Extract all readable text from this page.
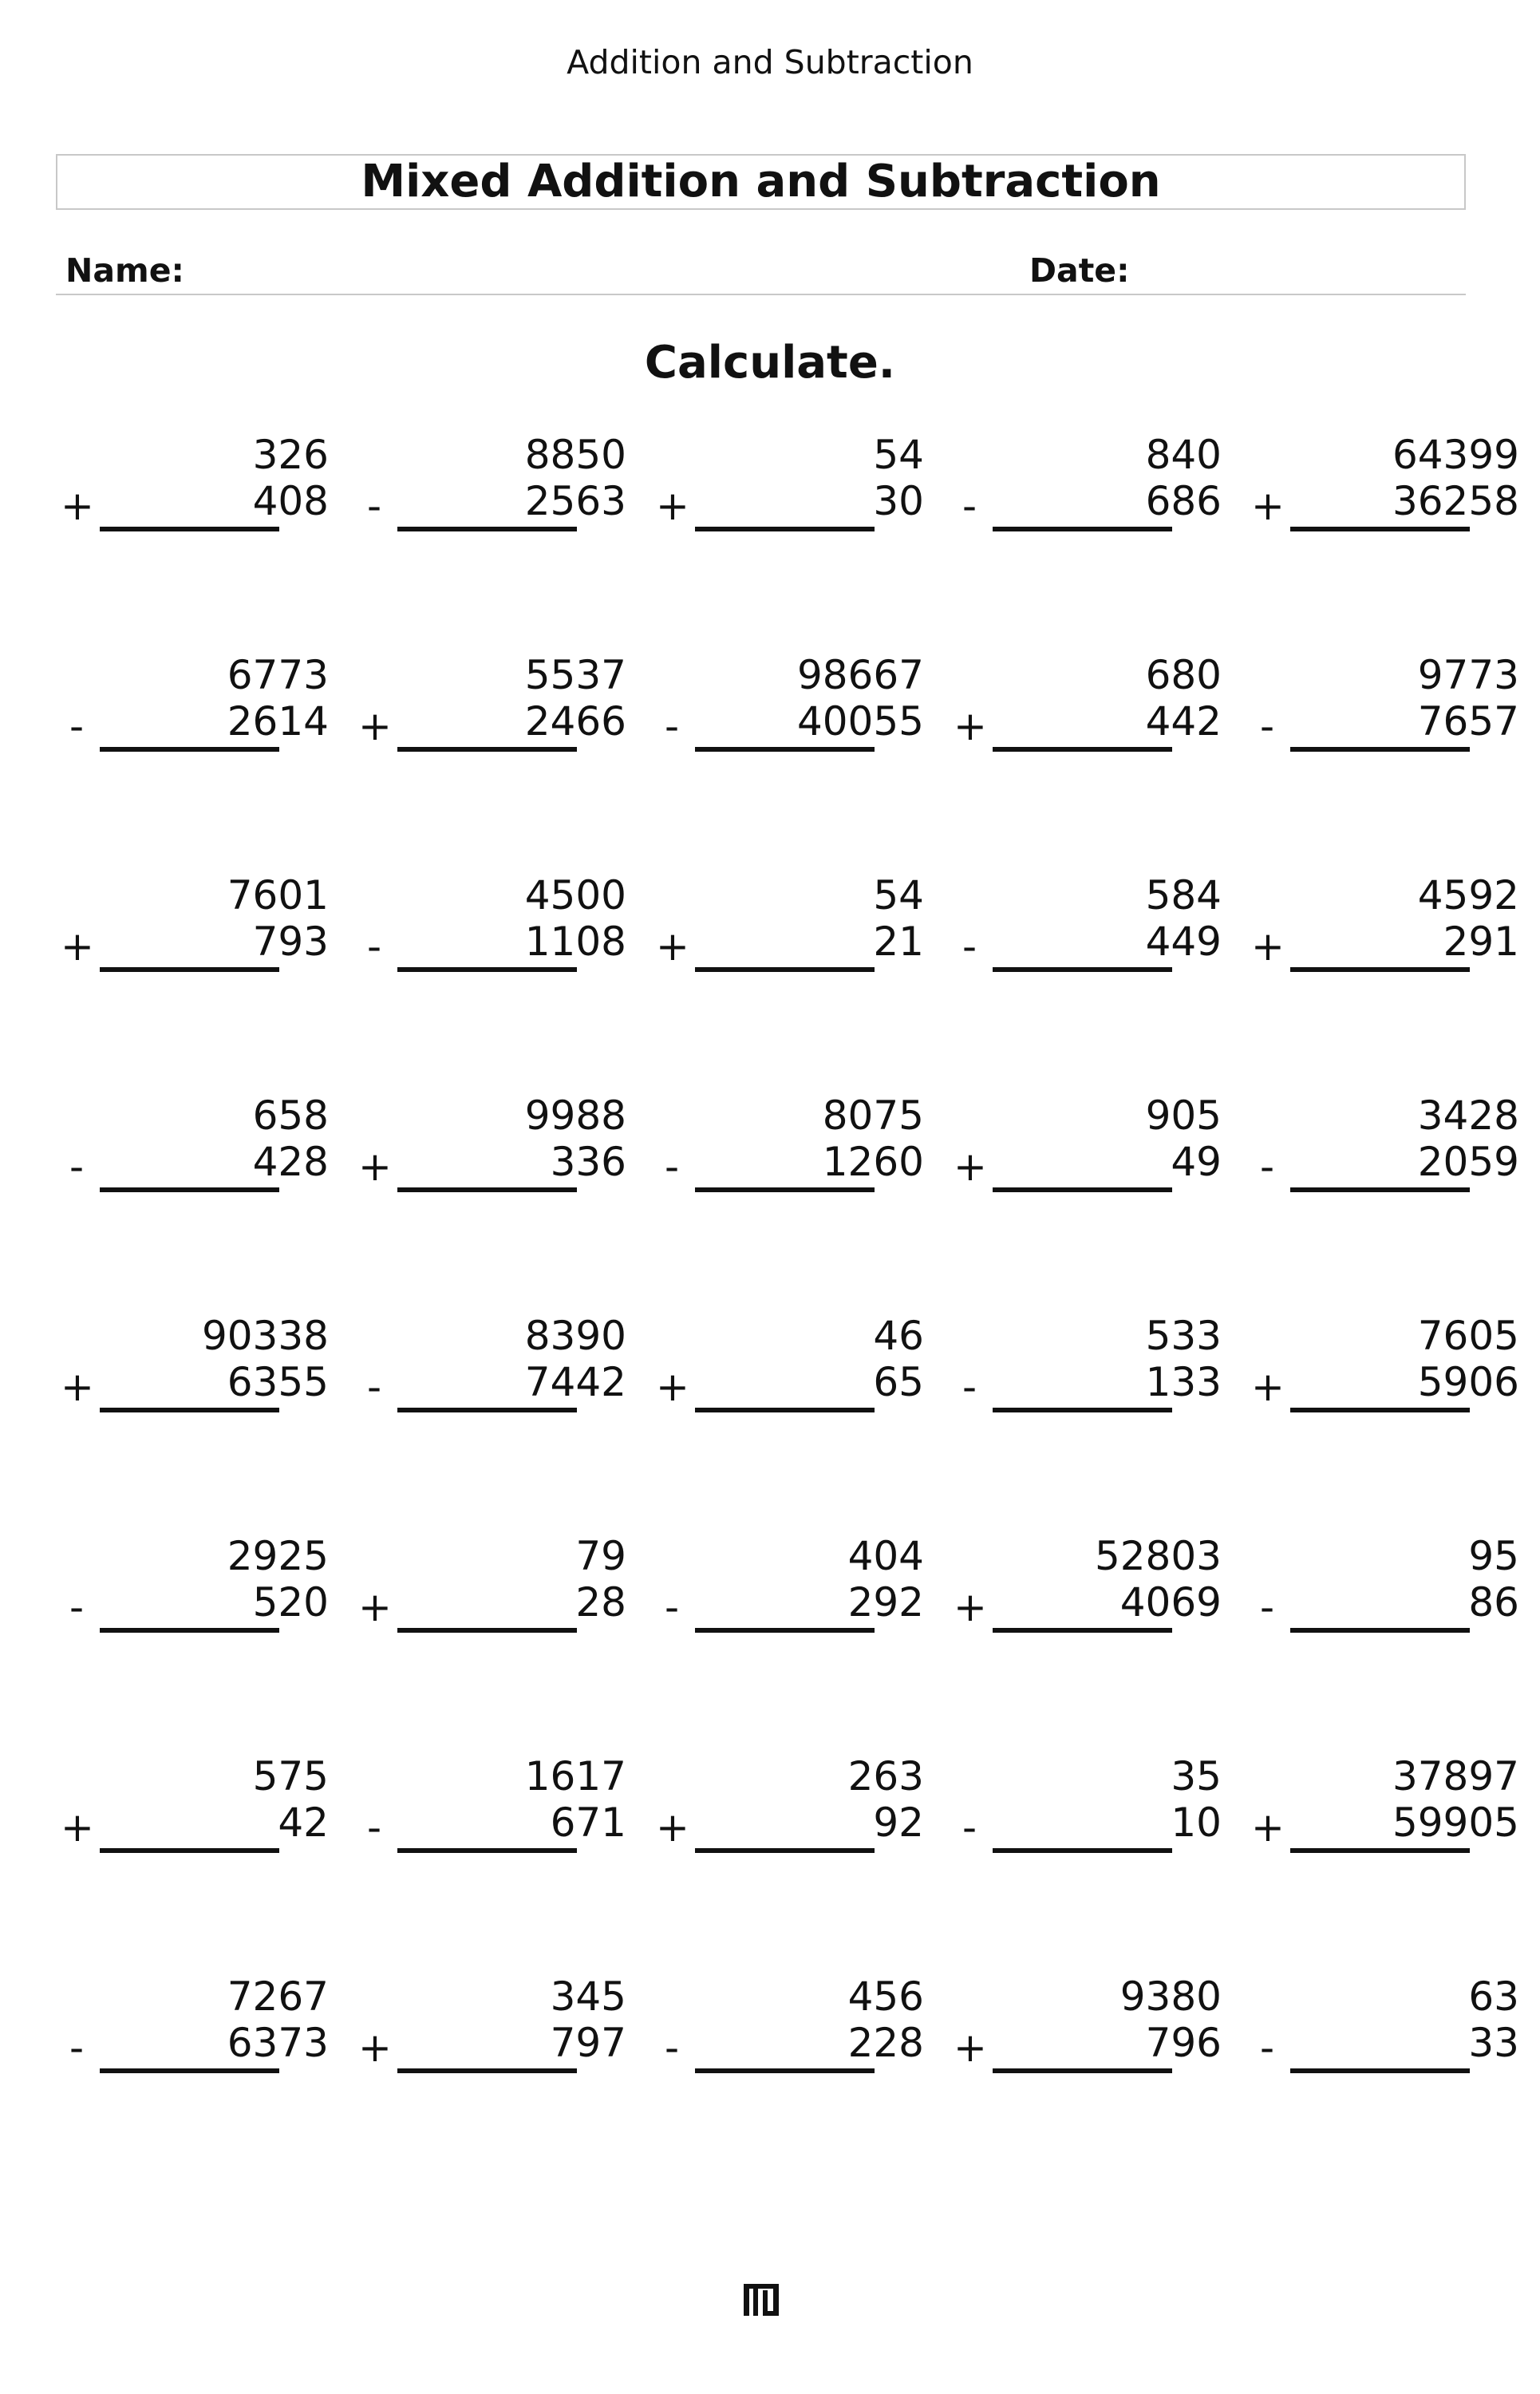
Addition and Subtraction
Mixed Addition and Subtraction
Name:	Date:
Calculate.
326
+	408
8850
-	2563
54
+	30
840
-	686
64399
+	36258
6773
-	2614
5537
+	2466
98667
-	40055
680
+	442
9773
-	7657
7601
+	793
4500
-	1108
54
+	21
584
-	449
4592
+	291
658
-	428
9988
+	336
8075
-	1260
905
+	49
3428
-	2059
90338
+	6355
8390
-	7442
46
+	65
533
-	133
7605
+	5906
2925
-	520
79
+	28
404
-	292
52803
+	4069
95
-	86
575
+	42
1617
-	671
263
+	92
35
-	10
37897
+	59905
7267
-	6373
345
+	797
456
-	228
9380
+	796
63
-	33
